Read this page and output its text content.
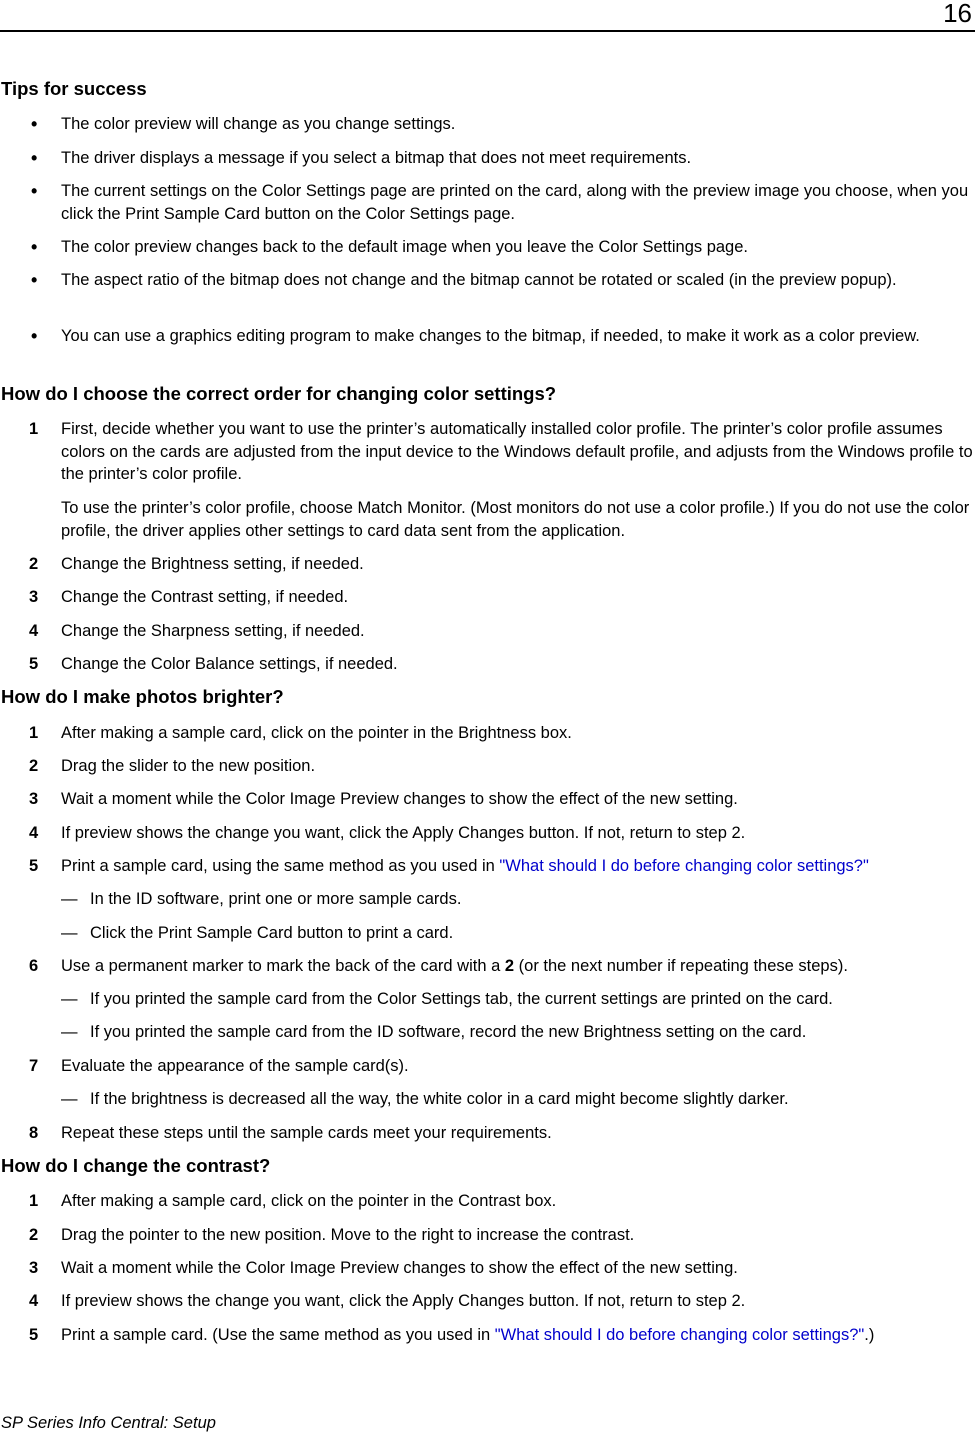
16
Tips for success
• The color preview will change as you change settings.
• The driver displays a message if you select a bitmap that does not meet requirements.
• The current settings on the Color Settings page are printed on the card, along with the preview image you choose, when you click the Print Sample Card button on the Color Settings page.
• The color preview changes back to the default image when you leave the Color Settings page.
• The aspect ratio of the bitmap does not change and the bitmap cannot be rotated or scaled (in the preview popup).
• You can use a graphics editing program to make changes to the bitmap, if needed, to make it work as a color preview.
How do I choose the correct order for changing color settings?
1 First, decide whether you want to use the printer’s automatically installed color profile. The printer’s color profile assumes colors on the cards are adjusted from the input device to the Windows default profile, and adjusts from the Windows profile to the printer’s color profile.
To use the printer’s color profile, choose Match Monitor. (Most monitors do not use a color profile.) If you do not use the color profile, the driver applies other settings to card data sent from the application.
2 Change the Brightness setting, if needed.
3 Change the Contrast setting, if needed.
4 Change the Sharpness setting, if needed.
5 Change the Color Balance settings, if needed.
How do I make photos brighter?
1 After making a sample card, click on the pointer in the Brightness box.
2 Drag the slider to the new position.
3 Wait a moment while the Color Image Preview changes to show the effect of the new setting.
4 If preview shows the change you want, click the Apply Changes button. If not, return to step 2.
5 Print a sample card, using the same method as you used in "What should I do before changing color settings?"
— In the ID software, print one or more sample cards.
— Click the Print Sample Card button to print a card.
6 Use a permanent marker to mark the back of the card with a 2 (or the next number if repeating these steps).
— If you printed the sample card from the Color Settings tab, the current settings are printed on the card.
— If you printed the sample card from the ID software, record the new Brightness setting on the card.
7 Evaluate the appearance of the sample card(s).
— If the brightness is decreased all the way, the white color in a card might become slightly darker.
8 Repeat these steps until the sample cards meet your requirements.
How do I change the contrast?
1 After making a sample card, click on the pointer in the Contrast box.
2 Drag the pointer to the new position. Move to the right to increase the contrast.
3 Wait a moment while the Color Image Preview changes to show the effect of the new setting.
4 If preview shows the change you want, click the Apply Changes button. If not, return to step 2.
5 Print a sample card. (Use the same method as you used in "What should I do before changing color settings?".)
SP Series Info Central: Setup
